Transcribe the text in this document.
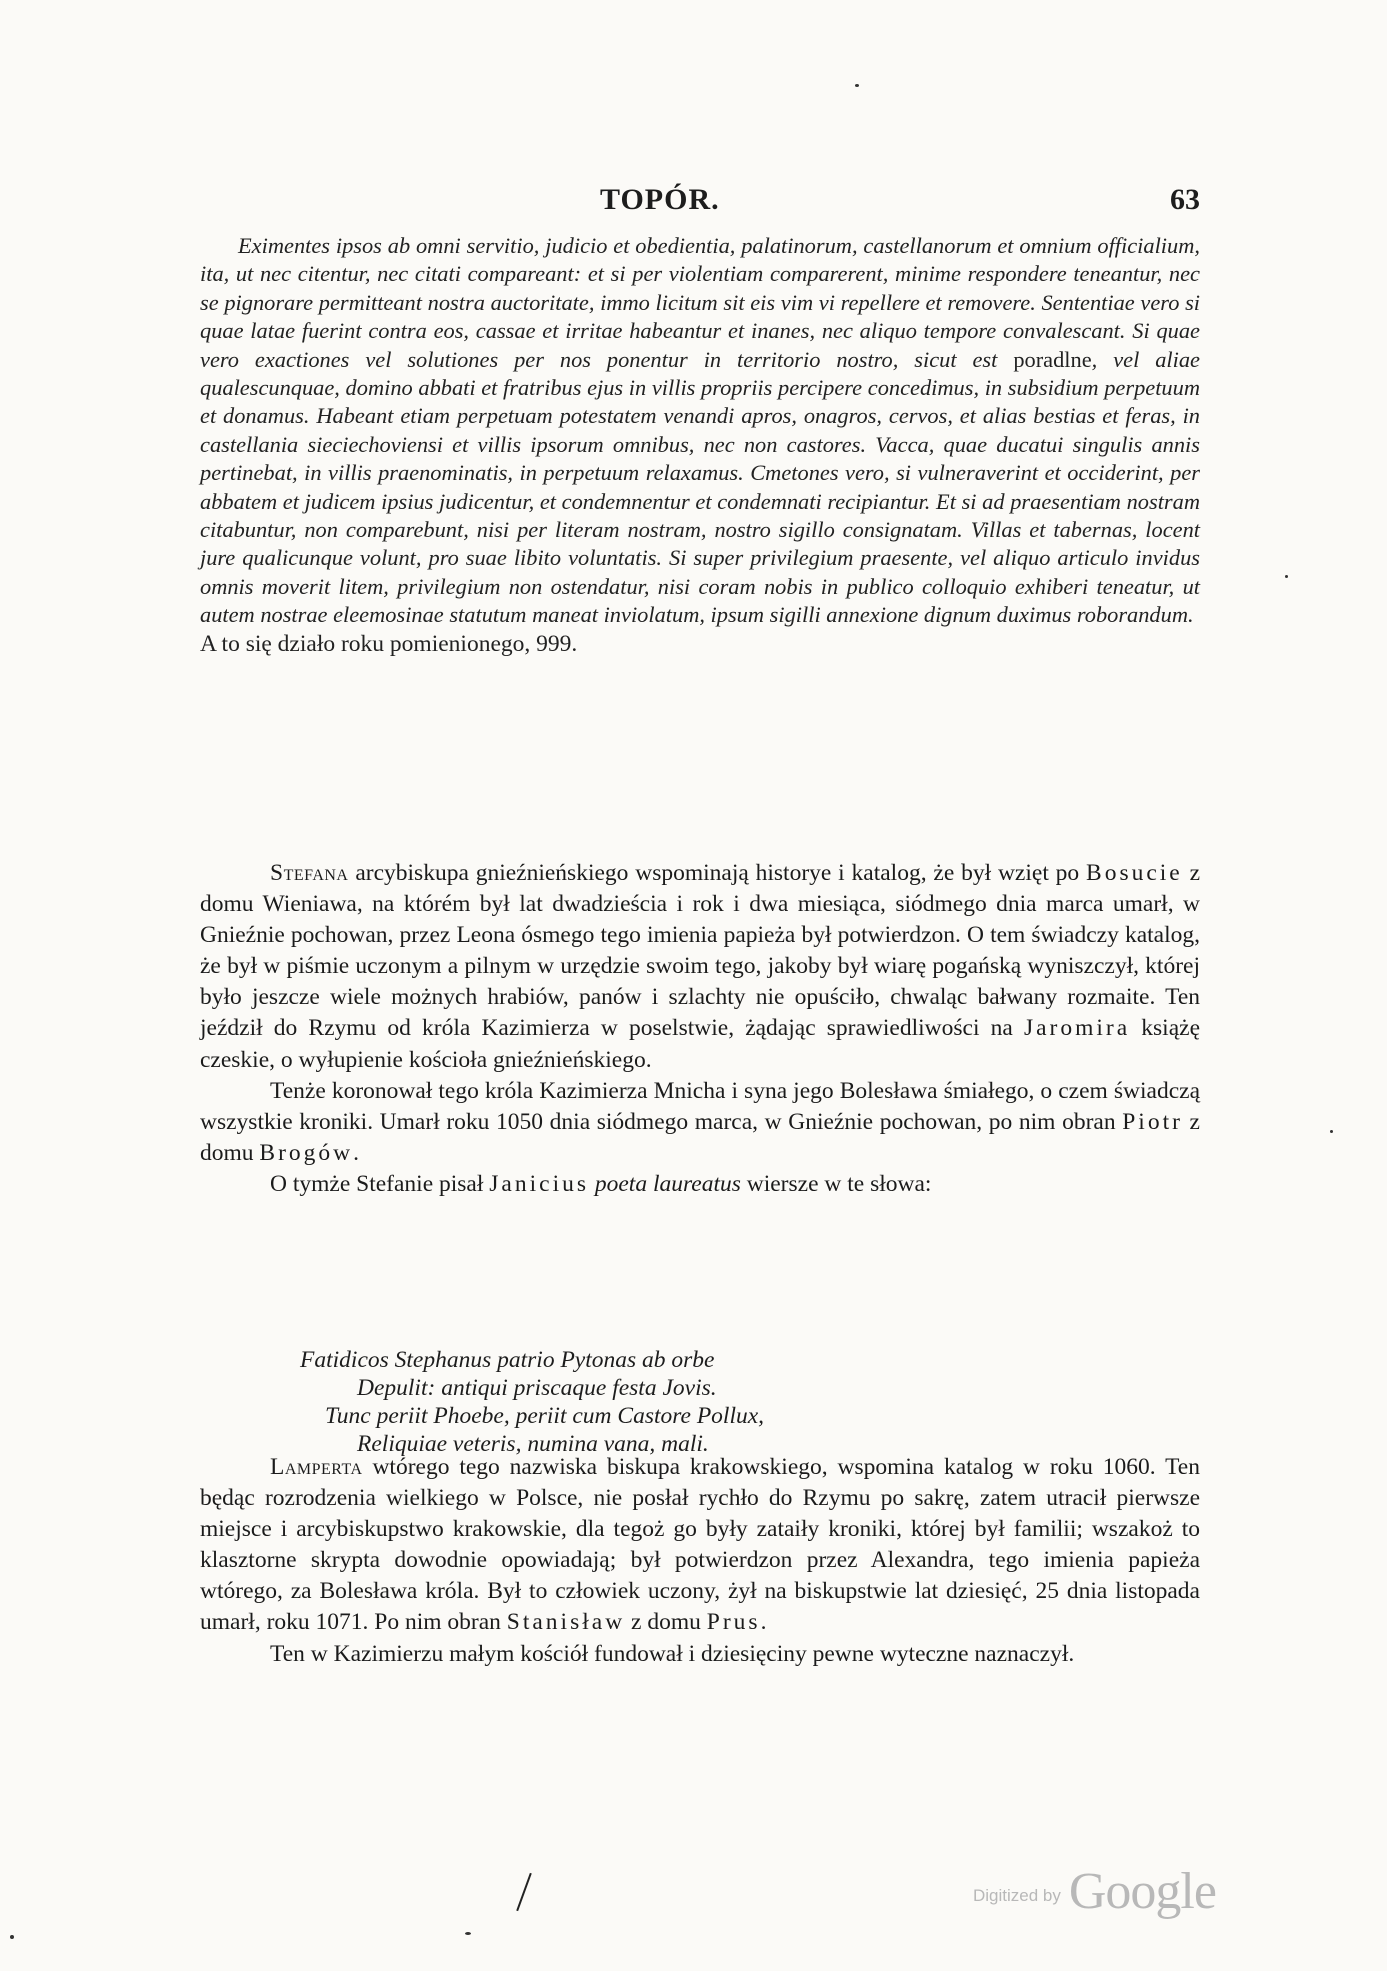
TOPÓR.	63
Eximentes ipsos ab omni servitio, judicio et obedientia, palatinorum, castellanorum et omnium officialium, ita, ut nec citentur, nec citati compareant: et si per violentiam comparerent, minime respondere teneantur, nec se pignorare permitteant nostra auctoritate, immo licitum sit eis vim vi repellere et removere. Sententiae vero si quae latae fuerint contra eos, cassae et irritae habeantur et inanes, nec aliquo tempore convalescant. Si quae vero exactiones vel solutiones per nos ponentur in territorio nostro, sicut est poradlne, vel aliae qualescunquae, domino abbati et fratribus ejus in villis propriis percipere concedimus, in subsidium perpetuum et donamus. Habeant etiam perpetuam potestatem venandi apros, onagros, cervos, et alias bestias et feras, in castellania sieciechoviensi et villis ipsorum omnibus, nec non castores. Vacca, quae ducatui singulis annis pertinebat, in villis praenominatis, in perpetuum relaxamus. Cmetones vero, si vulneraverint et occiderint, per abbatem et judicem ipsius judicentur, et condemnentur et condemnati recipiantur. Et si ad praesentiam nostram citabuntur, non comparebunt, nisi per literam nostram, nostro sigillo consignatam. Villas et tabernas, locent jure qualicunque volunt, pro suae libito voluntatis. Si super privilegium praesente, vel aliquo articulo invidus omnis moverit litem, privilegium non ostendatur, nisi coram nobis in publico colloquio exhiberi teneatur, ut autem nostrae eleemosinae statutum maneat inviolatum, ipsum sigilli annexione dignum duximus roborandum.
A to się działo roku pomienionego, 999.

Stefana arcybiskupa gnieźnieńskiego wspominają historye i katalog, że był wzięt po Bosucie z domu Wieniawa, na którém był lat dwadzieścia i rok i dwa miesiąca, siódmego dnia marca umarł, w Gnieźnie pochowan, przez Leona ósmego tego imienia papieża był potwierdzon. O tem świadczy katalog, że był w piśmie uczonym a pilnym w urzędzie swoim tego, jakoby był wiarę pogańską wyniszczył, której było jeszcze wiele możnych hrabiów, panów i szlachty nie opuściło, chwaląc bałwany rozmaite. Ten jeździł do Rzymu od króla Kazimierza w poselstwie, żądając sprawiedliwości na Jaromira książę czeskie, o wyłupienie kościoła gnieźnieńskiego.

Tenże koronował tego króla Kazimierza Mnicha i syna jego Bolesława śmiałego, o czem świadczą wszystkie kroniki. Umarł roku 1050 dnia siódmego marca, w Gnieźnie pochowan, po nim obran Piotr z domu Brogów.

O tymże Stefanie pisał Janicius poeta laureatus wiersze w te słowa:

Fatidicos Stephanus patrio Pytonas ab orbe
Depulit: antiqui priscaque festa Jovis.
Tunc periit Phoebe, periit cum Castore Pollux,
Reliquiae veteris, numina vana, mali.

Lamperta wtórego tego nazwiska biskupa krakowskiego, wspomina katalog w roku 1060. Ten będąc rozrodzenia wielkiego w Polsce, nie posłał rychło do Rzymu po sakrę, zatem utracił pierwsze miejsce i arcybiskupstwo krakowskie, dla tegoż go były zataiły kroniki, której był familii; wszakoż to klasztorne skrypta dowodnie opowiadają; był potwierdzon przez Alexandra, tego imienia papieża wtórego, za Bolesława króla. Był to człowiek uczony, żył na biskupstwie lat dziesięć, 25 dnia listopada umarł, roku 1071. Po nim obran Stanisław z domu Prus.

Ten w Kazimierzu małym kościół fundował i dziesięciny pewne wyteczne naznaczył.

Digitized by Google
